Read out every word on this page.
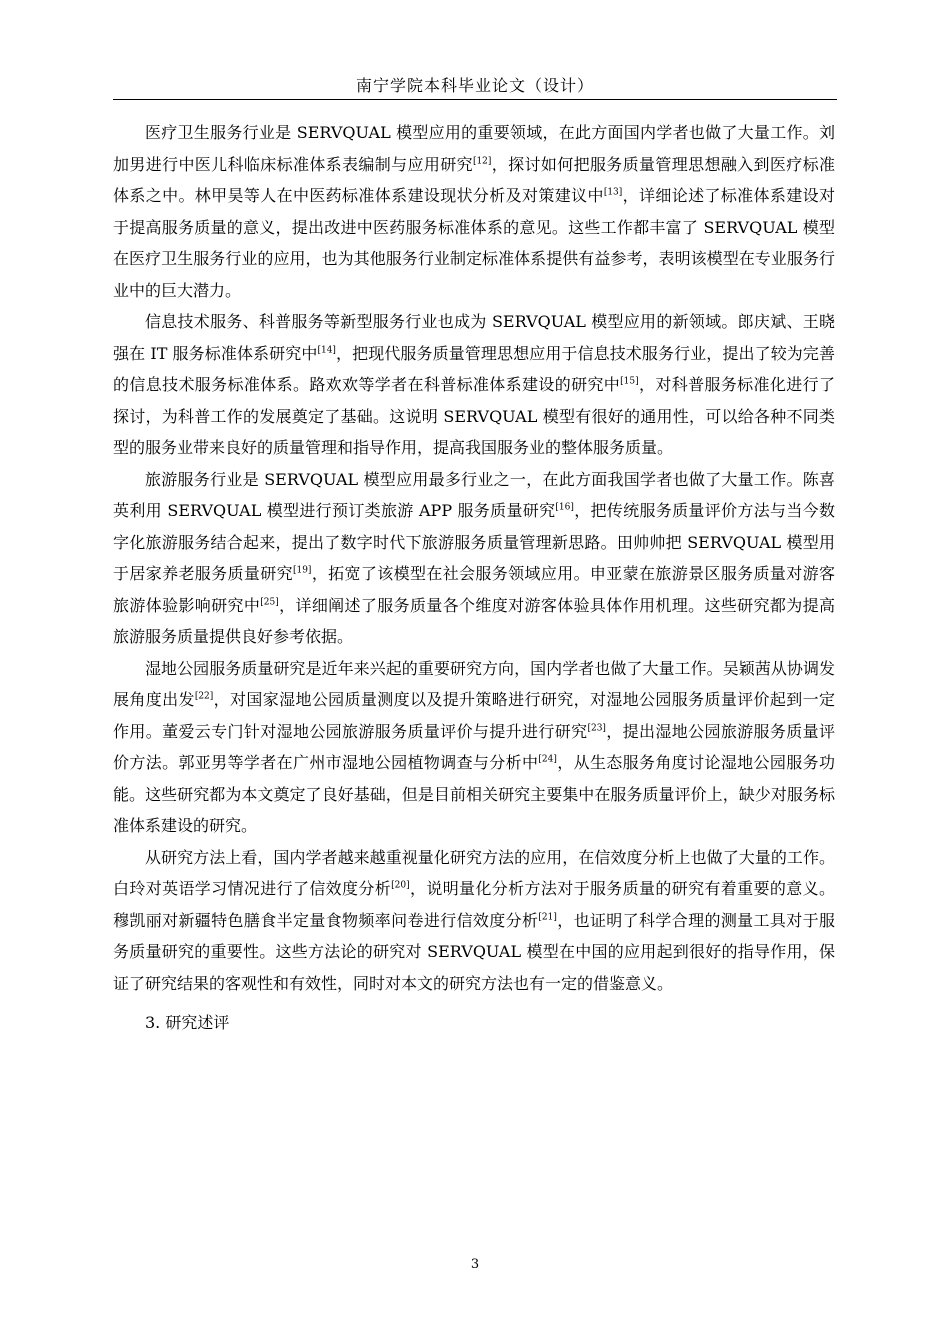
南宁学院本科毕业论文（设计）

医疗卫生服务行业是 SERVQUAL 模型应用的重要领域，在此方面国内学者也做了大量工作。刘加男进行中医儿科临床标准体系表编制与应用研究[12]，探讨如何把服务质量管理思想融入到医疗标准体系之中。林甲昊等人在中医药标准体系建设现状分析及对策建议中[13]，详细论述了标准体系建设对于提高服务质量的意义，提出改进中医药服务标准体系的意见。这些工作都丰富了 SERVQUAL 模型在医疗卫生服务行业的应用，也为其他服务行业制定标准体系提供有益参考，表明该模型在专业服务行业中的巨大潜力。

信息技术服务、科普服务等新型服务行业也成为 SERVQUAL 模型应用的新领域。郎庆斌、王晓强在 IT 服务标准体系研究中[14]，把现代服务质量管理思想应用于信息技术服务行业，提出了较为完善的信息技术服务标准体系。路欢欢等学者在科普标准体系建设的研究中[15]，对科普服务标准化进行了探讨，为科普工作的发展奠定了基础。这说明 SERVQUAL 模型有很好的通用性，可以给各种不同类型的服务业带来良好的质量管理和指导作用，提高我国服务业的整体服务质量。

旅游服务行业是 SERVQUAL 模型应用最多行业之一，在此方面我国学者也做了大量工作。陈喜英利用 SERVQUAL 模型进行预订类旅游 APP 服务质量研究[16]，把传统服务质量评价方法与当今数字化旅游服务结合起来，提出了数字时代下旅游服务质量管理新思路。田帅帅把 SERVQUAL 模型用于居家养老服务质量研究[19]，拓宽了该模型在社会服务领域应用。申亚蒙在旅游景区服务质量对游客旅游体验影响研究中[25]，详细阐述了服务质量各个维度对游客体验具体作用机理。这些研究都为提高旅游服务质量提供良好参考依据。

湿地公园服务质量研究是近年来兴起的重要研究方向，国内学者也做了大量工作。吴颖茜从协调发展角度出发[22]，对国家湿地公园质量测度以及提升策略进行研究，对湿地公园服务质量评价起到一定作用。董爱云专门针对湿地公园旅游服务质量评价与提升进行研究[23]，提出湿地公园旅游服务质量评价方法。郭亚男等学者在广州市湿地公园植物调查与分析中[24]，从生态服务角度讨论湿地公园服务功能。这些研究都为本文奠定了良好基础，但是目前相关研究主要集中在服务质量评价上，缺少对服务标准体系建设的研究。

从研究方法上看，国内学者越来越重视量化研究方法的应用，在信效度分析上也做了大量的工作。白玲对英语学习情况进行了信效度分析[20]，说明量化分析方法对于服务质量的研究有着重要的意义。穆凯丽对新疆特色膳食半定量食物频率问卷进行信效度分析[21]，也证明了科学合理的测量工具对于服务质量研究的重要性。这些方法论的研究对 SERVQUAL 模型在中国的应用起到很好的指导作用，保证了研究结果的客观性和有效性，同时对本文的研究方法也有一定的借鉴意义。

3. 研究述评

3
